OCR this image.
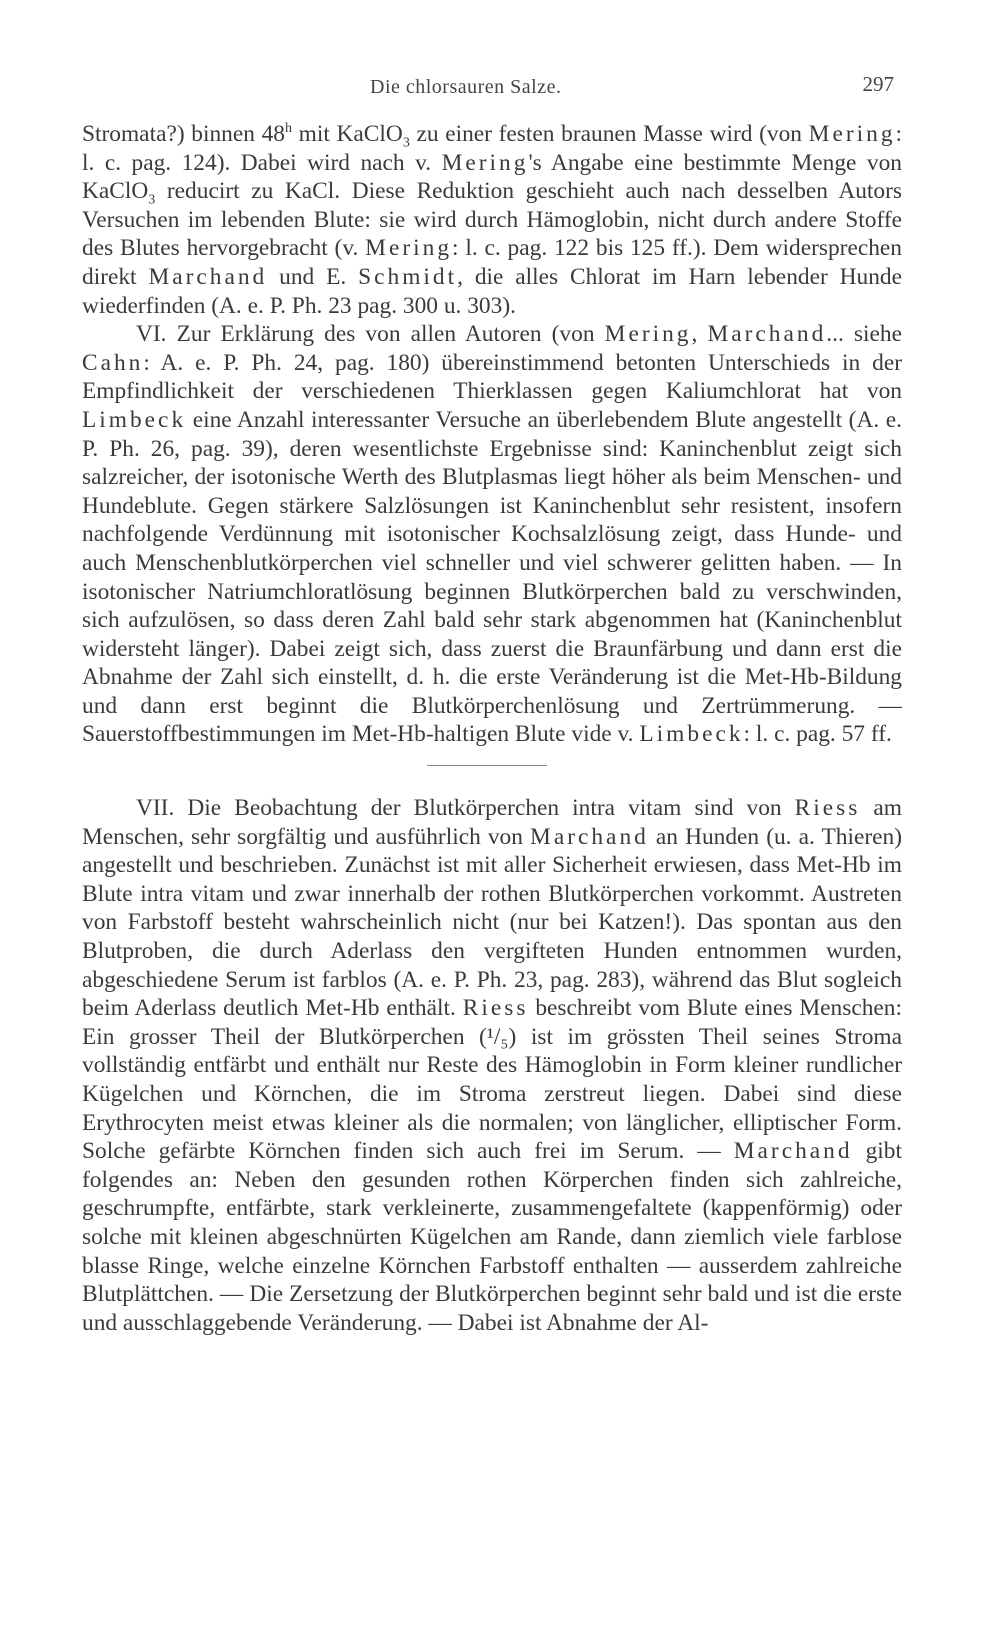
Die chlorsauren Salze.	297

Stromata?) binnen 48$^h$ mit KaClO$_3$ zu einer festen braunen Masse wird (von Mering: l. c. pag. 124). Dabei wird nach v. Mering's Angabe eine bestimmte Menge von KaClO$_3$ reducirt zu KaCl. Diese Reduktion geschieht auch nach desselben Autors Versuchen im lebenden Blute: sie wird durch Hämoglobin, nicht durch andere Stoffe des Blutes hervorgebracht (v. Mering: l. c. pag. 122 bis 125 ff.). Dem widersprechen direkt Marchand und E. Schmidt, die alles Chlorat im Harn lebender Hunde wiederfinden (A. e. P. Ph. 23 pag. 300 u. 303).

VI. Zur Erklärung des von allen Autoren (von Mering, Marchand... siehe Cahn: A. e. P. Ph. 24, pag. 180) übereinstimmend betonten Unterschieds in der Empfindlichkeit der verschiedenen Thierklassen gegen Kaliumchlorat hat von Limbeck eine Anzahl interessanter Versuche an überlebendem Blute angestellt (A. e. P. Ph. 26, pag. 39), deren wesentlichste Ergebnisse sind: Kaninchenblut zeigt sich salzreicher, der isotonische Werth des Blutplasmas liegt höher als beim Menschen- und Hundeblute. Gegen stärkere Salzlösungen ist Kaninchenblut sehr resistent, insofern nachfolgende Verdünnung mit isotonischer Kochsalzlösung zeigt, dass Hunde- und auch Menschenblutkörperchen viel schneller und viel schwerer gelitten haben. — In isotonischer Natriumchloratlösung beginnen Blutkörperchen bald zu verschwinden, sich aufzulösen, so dass deren Zahl bald sehr stark abgenommen hat (Kaninchenblut widersteht länger). Dabei zeigt sich, dass zuerst die Braunfärbung und dann erst die Abnahme der Zahl sich einstellt, d. h. die erste Veränderung ist die Met-Hb-Bildung und dann erst beginnt die Blutkörperchenlösung und Zertrümmerung. — Sauerstoffbestimmungen im Met-Hb-haltigen Blute vide v. Limbeck: l. c. pag. 57 ff.

VII. Die Beobachtung der Blutkörperchen intra vitam sind von Riess am Menschen, sehr sorgfältig und ausführlich von Marchand an Hunden (u. a. Thieren) angestellt und beschrieben. Zunächst ist mit aller Sicherheit erwiesen, dass Met-Hb im Blute intra vitam und zwar innerhalb der rothen Blutkörperchen vorkommt. Austreten von Farbstoff besteht wahrscheinlich nicht (nur bei Katzen!). Das spontan aus den Blutproben, die durch Aderlass den vergifteten Hunden entnommen wurden, abgeschiedene Serum ist farblos (A. e. P. Ph. 23, pag. 283), während das Blut sogleich beim Aderlass deutlich Met-Hb enthält. Riess beschreibt vom Blute eines Menschen: Ein grosser Theil der Blutkörperchen (¹/₅) ist im grössten Theil seines Stroma vollständig entfärbt und enthält nur Reste des Hämoglobin in Form kleiner rundlicher Kügelchen und Körnchen, die im Stroma zerstreut liegen. Dabei sind diese Erythrocyten meist etwas kleiner als die normalen; von länglicher, elliptischer Form. Solche gefärbte Körnchen finden sich auch frei im Serum. — Marchand gibt folgendes an: Neben den gesunden rothen Körperchen finden sich zahlreiche, geschrumpfte, entfärbte, stark verkleinerte, zusammengefaltete (kappenförmig) oder solche mit kleinen abgeschnürten Kügelchen am Rande, dann ziemlich viele farblose blasse Ringe, welche einzelne Körnchen Farbstoff enthalten — ausserdem zahlreiche Blutplättchen. — Die Zersetzung der Blutkörperchen beginnt sehr bald und ist die erste und ausschlaggebende Veränderung. — Dabei ist Abnahme der Al-
